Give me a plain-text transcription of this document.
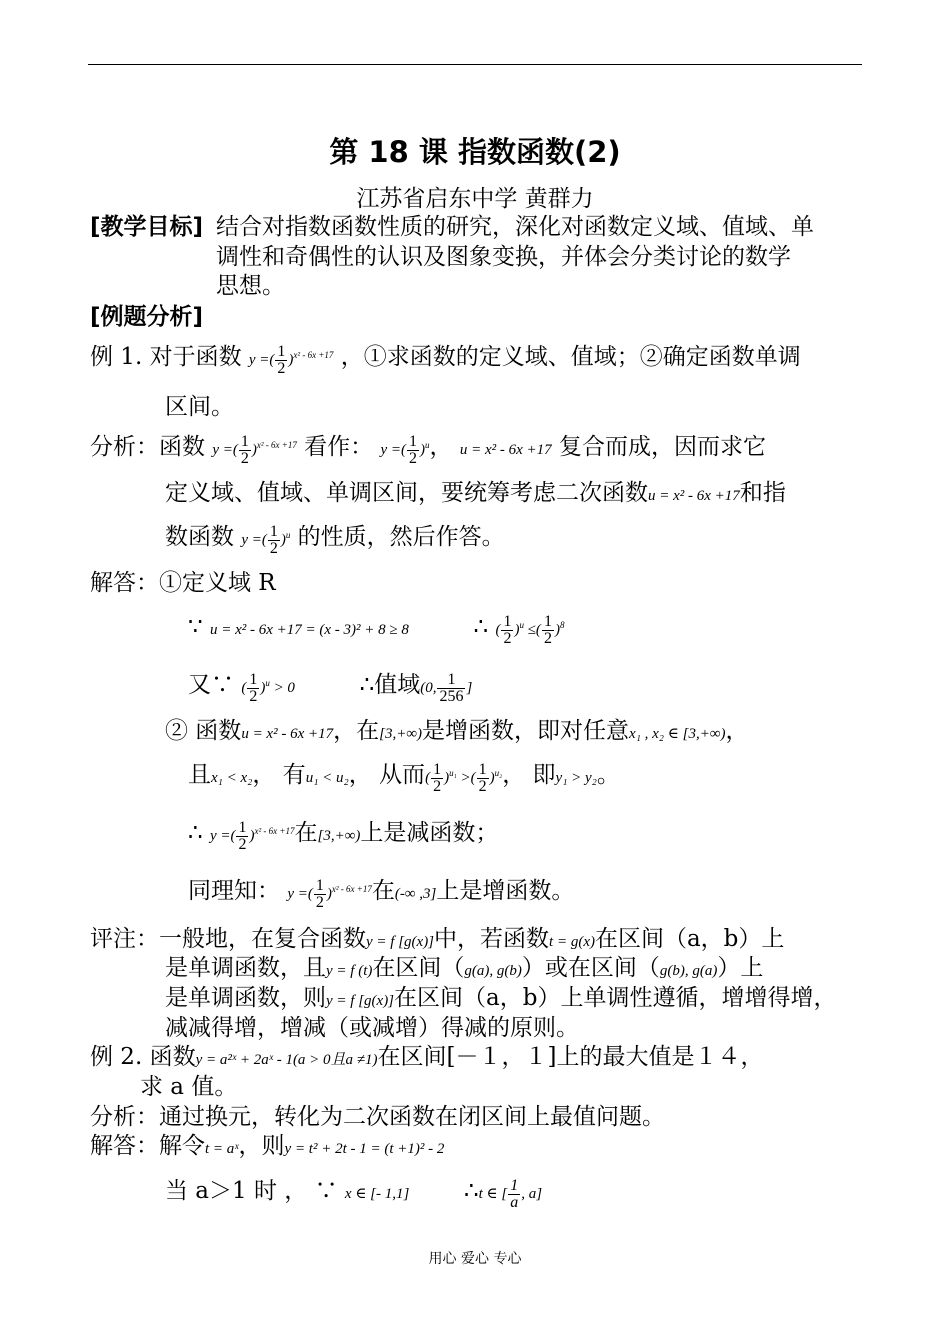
第 18 课 指数函数(2)
江苏省启东中学 黄群力
[教学目标] 结合对指数函数性质的研究，深化对函数定义域、值域、单
调性和奇偶性的认识及图象变换，并体会分类讨论的数学
思想。
[例题分析]
例 1. 对于函数 y =( $\frac{1}{2} )^{x^2 - 6x +17}$ ，①求函数的定义域、值域；②确定函数单调
区间。
分析：函数 y =( $\frac{1}{2} )^{x^2 - 6x +17}$ 看作： y =( $\frac{1}{2} )^u$， u = x² - 6x +17 复合而成，因而求它
定义域、值域、单调区间，要统筹考虑二次函数u = x² - 6x +17和指
数函数 y =( $\frac{1}{2} )^u$ 的性质，然后作答。
解答：①定义域 R
∵ u = x² - 6x +17 = (x - 3)² + 8 ≥ 8	∴ ( $\frac{1}{2} )^u$ ≤( $\frac{1}{2} )^8$
又∵ ( $\frac{1}{2} )^u > 0$	∴值域(0, $\frac{1}{256}$ ]
② 函数u = x² - 6x +17，在[3,+∞)是增函数，即对任意x₁ , x₂ ∈ [3,+∞)，
且x₁ < x₂， 有u₁ < u₂， 从而( $\frac{1}{2} )^{u_1}$ >( $\frac{1}{2} )^{u_2}$， 即y₁ > y₂。
∴ y =( $\frac{1}{2} )^{x^2 - 6x +17}$在[3,+∞)上是减函数；
同理知： y =( $\frac{1}{2} )^{x^2 - 6x +17}$在(-∞ ,3]上是增函数。
评注：一般地，在复合函数y = f [g(x)]中，若函数t = g(x)在区间（a，b）上
是单调函数，且y = f (t)在区间（g(a), g(b)）或在区间（g(b), g(a)）上
是单调函数，则y = f [g(x)]在区间（a，b）上单调性遵循，增增得增，
减减得增，增减（或减增）得减的原则。
例 2. 函数y = a²ˣ + 2aˣ - 1(a > 0且a ≠1)在区间[－１，１]上的最大值是１４，
求 a 值。
分析：通过换元，转化为二次函数在闭区间上最值问题。
解答：解令t = aˣ，则y = t² + 2t - 1 = (t +1)² - 2
当 a＞1 时 ， ∵ x ∈ [- 1,1] ∴t ∈ [ $\frac{1}{a}$ , a]
用心 爱心 专心
